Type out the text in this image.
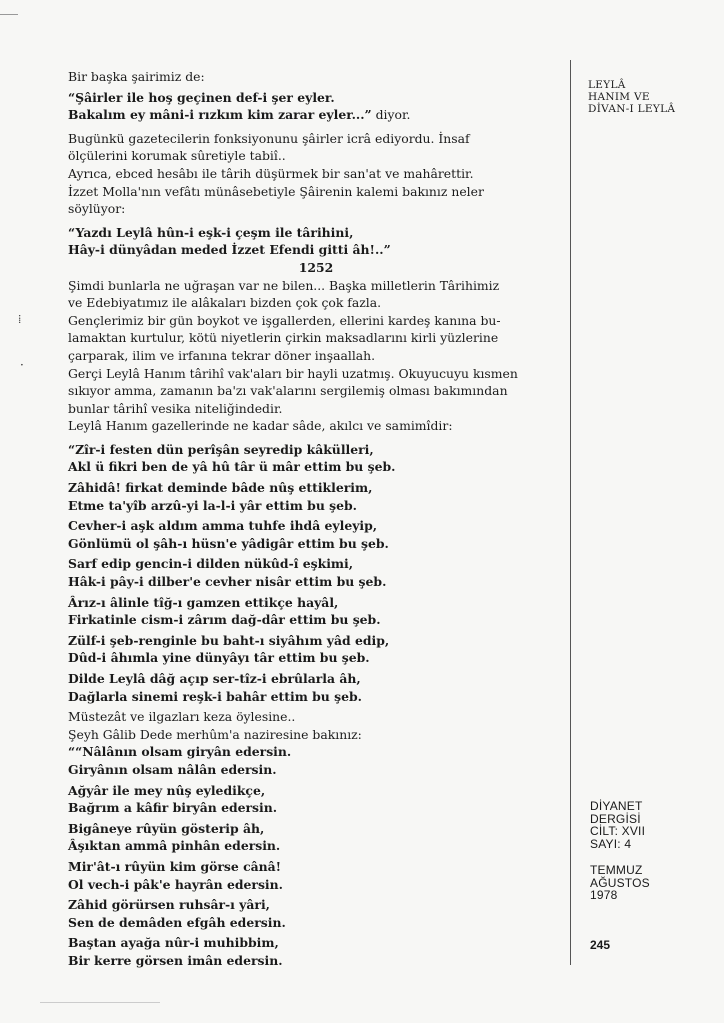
⁞
·
LEYLÂ
HANIM VE
DİVAN-I LEYLÂ
DİYANET
DERGİSİ
CİLT: XVII
SAYI: 4
TEMMUZ
AĞUSTOS
1978
245

Bir başka şairimiz de:

“Şâirler ile hoş geçinen def-i şer eyler.

Bakalım ey mâni-i rızkım kim zarar eyler...” diyor.

Bugünkü gazetecilerin fonksiyonunu şâirler icrâ ediyordu. İnsaf

ölçülerini korumak sûretiyle tabiî..

Ayrıca, ebced hesâbı ile târih düşürmek bir san'at ve mahârettir.

İzzet Molla'nın vefâtı münâsebetiyle Şâirenin kalemi bakınız neler

söylüyor:

“Yazdı Leylâ hûn-i eşk-i çeşm ile târihini,

Hây-i dünyâdan meded İzzet Efendi gitti âh!..”

1252

Şimdi bunlarla ne uğraşan var ne bilen... Başka milletlerin Târihimiz

ve Edebiyatımız ile alâkaları bizden çok çok fazla.

Gençlerimiz bir gün boykot ve işgallerden, ellerini kardeş kanına bu-

lamaktan kurtulur, kötü niyetlerin çirkin maksadlarını kirli yüzlerine

çarparak, ilim ve irfanına tekrar döner inşaallah.

Gerçi Leylâ Hanım târihî vak'aları bir hayli uzatmış. Okuyucuyu kısmen

sıkıyor amma, zamanın ba'zı vak'alarını sergilemiş olması bakımından

bunlar târihî vesika niteliğindedir.

Leylâ Hanım gazellerinde ne kadar sâde, akılcı ve samimîdir:

“Zîr-i festen dün perîşân seyredip kâkülleri,

Akl ü fikri ben de yâ hû târ ü mâr ettim bu şeb.

Zâhidâ! firkat deminde bâde nûş ettiklerim,

Etme ta'yîb arzû-yi la-l-i yâr ettim bu şeb.

Cevher-i aşk aldım amma tuhfe ihdâ eyleyip,

Gönlümü ol şâh-ı hüsn'e yâdigâr ettim bu şeb.

Sarf edip gencin-i dilden nükûd-î eşkimi,

Hâk-i pây-i dilber'e cevher nisâr ettim bu şeb.

Ârız-ı âlinle tîğ-ı gamzen ettikçe hayâl,

Firkatinle cism-i zârım dağ-dâr ettim bu şeb.

Zülf-i şeb-renginle bu baht-ı siyâhım yâd edip,

Dûd-i âhımla yine dünyâyı târ ettim bu şeb.

Dilde Leylâ dâğ açıp ser-tîz-i ebrûlarla âh,

Dağlarla sinemi reşk-i bahâr ettim bu şeb.

Müstezât ve ilgazları keza öylesine..

Şeyh Gâlib Dede merhûm'a naziresine bakınız:

““Nâlânın olsam giryân edersin.

Giryânın olsam nâlân edersin.

Ağyâr ile mey nûş eyledikçe,

Bağrım a kâfir biryân edersin.

Bigâneye rûyün gösterip âh,

Âşıktan ammâ pinhân edersin.

Mir'ât-ı rûyün kim görse cânâ!

Ol vech-i pâk'e hayrân edersin.

Zâhid görürsen ruhsâr-ı yâri,

Sen de demâden efgâh edersin.

Baştan ayağa nûr-i muhibbim,

Bir kerre görsen imân edersin.
